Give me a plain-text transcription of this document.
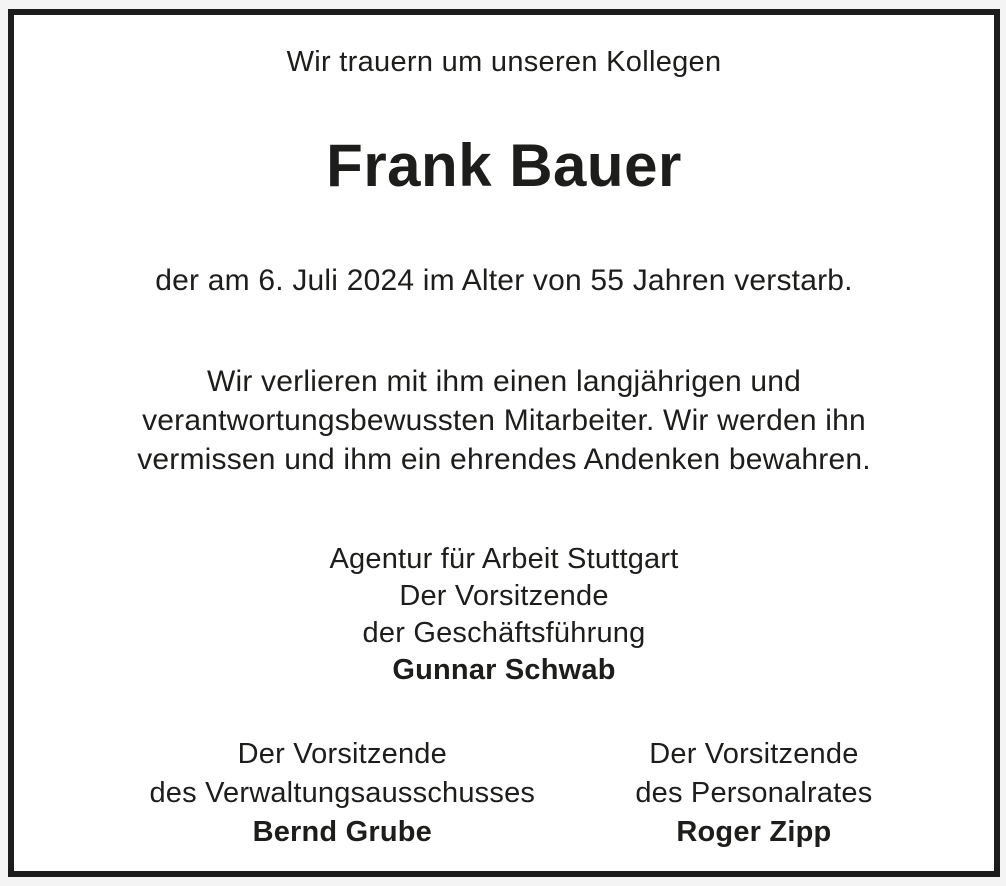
Wir trauern um unseren Kollegen
Frank Bauer
der am 6. Juli 2024 im Alter von 55 Jahren verstarb.
Wir verlieren mit ihm einen langjährigen und
verantwortungsbewussten Mitarbeiter. Wir werden ihn
vermissen und ihm ein ehrendes Andenken bewahren.
Agentur für Arbeit Stuttgart
Der Vorsitzende
der Geschäftsführung
Gunnar Schwab
Der Vorsitzende
des Verwaltungsausschusses
Bernd Grube
Der Vorsitzende
des Personalrates
Roger Zipp
